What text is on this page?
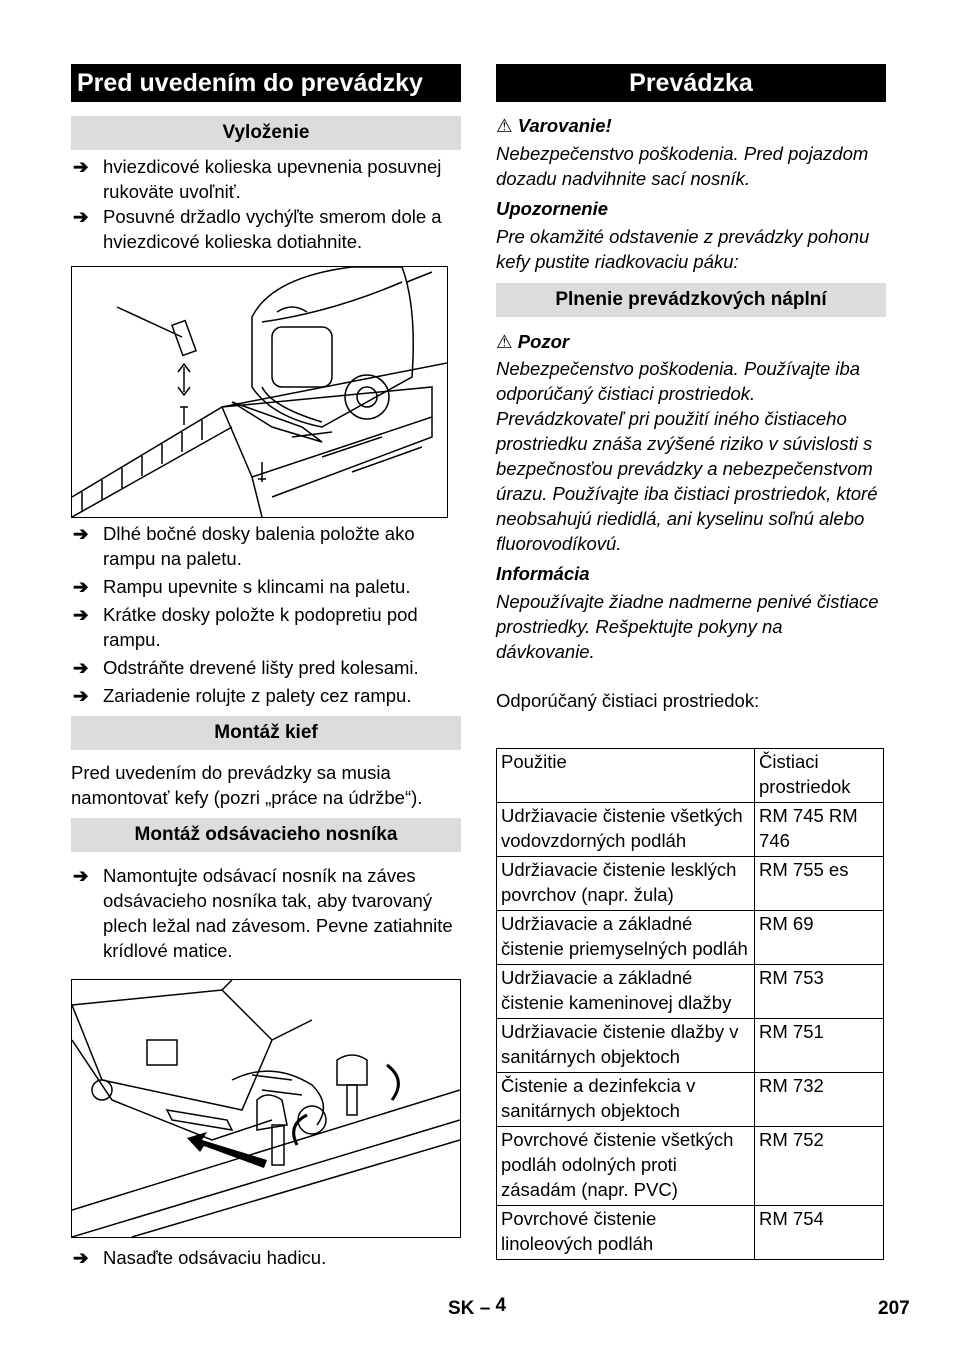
Pred uvedením do prevádzky
Vyloženie
➔ hviezdicové kolieska upevnenia posuvnej rukoväte uvoľniť.
➔ Posuvné držadlo vychýľte smerom dole a hviezdicové kolieska dotiahnite.
➔ Dlhé bočné dosky balenia položte ako rampu na paletu.
➔ Rampu upevnite s klincami na paletu.
➔ Krátke dosky položte k podopretiu pod rampu.
➔ Odstráňte drevené lišty pred kolesami.
➔ Zariadenie rolujte z palety cez rampu.
Montáž kief
Pred uvedením do prevádzky sa musia namontovať kefy (pozri „práce na údržbe“).
Montáž odsávacieho nosníka
➔ Namontujte odsávací nosník na záves odsávacieho nosníka tak, aby tvarovaný plech ležal nad závesom. Pevne zatiahnite krídlové matice.
➔ Nasaďte odsávaciu hadicu.
Prevádzka
⚠ Varovanie!
Nebezpečenstvo poškodenia. Pred pojazdom dozadu nadvihnite sací nosník.
Upozornenie
Pre okamžité odstavenie z prevádzky pohonu kefy pustite riadkovaciu páku:
Plnenie prevádzkových náplní
⚠ Pozor
Nebezpečenstvo poškodenia. Používajte iba odporúčaný čistiaci prostriedok. Prevádzkovateľ pri použití iného čistiaceho prostriedku znáša zvýšené riziko v súvislosti s bezpečnosťou prevádzky a nebezpečenstvom úrazu. Používajte iba čistiaci prostriedok, ktoré neobsahujú riedidlá, ani kyselinu soľnú alebo fluorovodíkovú.
Informácia
Nepoužívajte žiadne nadmerne penivé čistiace prostriedky. Rešpektujte pokyny na dávkovanie.
Odporúčaný čistiaci prostriedok:
Použitie	Čistiaci prostriedok
Udržiavacie čistenie všetkých vodovzdorných podláh	RM 745 RM 746
Udržiavacie čistenie lesklých povrchov (napr. žula)	RM 755 es
Udržiavacie a základné čistenie priemyselných podláh	RM 69
Udržiavacie a základné čistenie kameninovej dlažby	RM 753
Udržiavacie čistenie dlažby v sanitárnych objektoch	RM 751
Čistenie a dezinfekcia v sanitárnych objektoch	RM 732
Povrchové čistenie všetkých podláh odolných proti zásadám (napr. PVC)	RM 752
Povrchové čistenie linoleových podláh	RM 754
SK – 4	207
